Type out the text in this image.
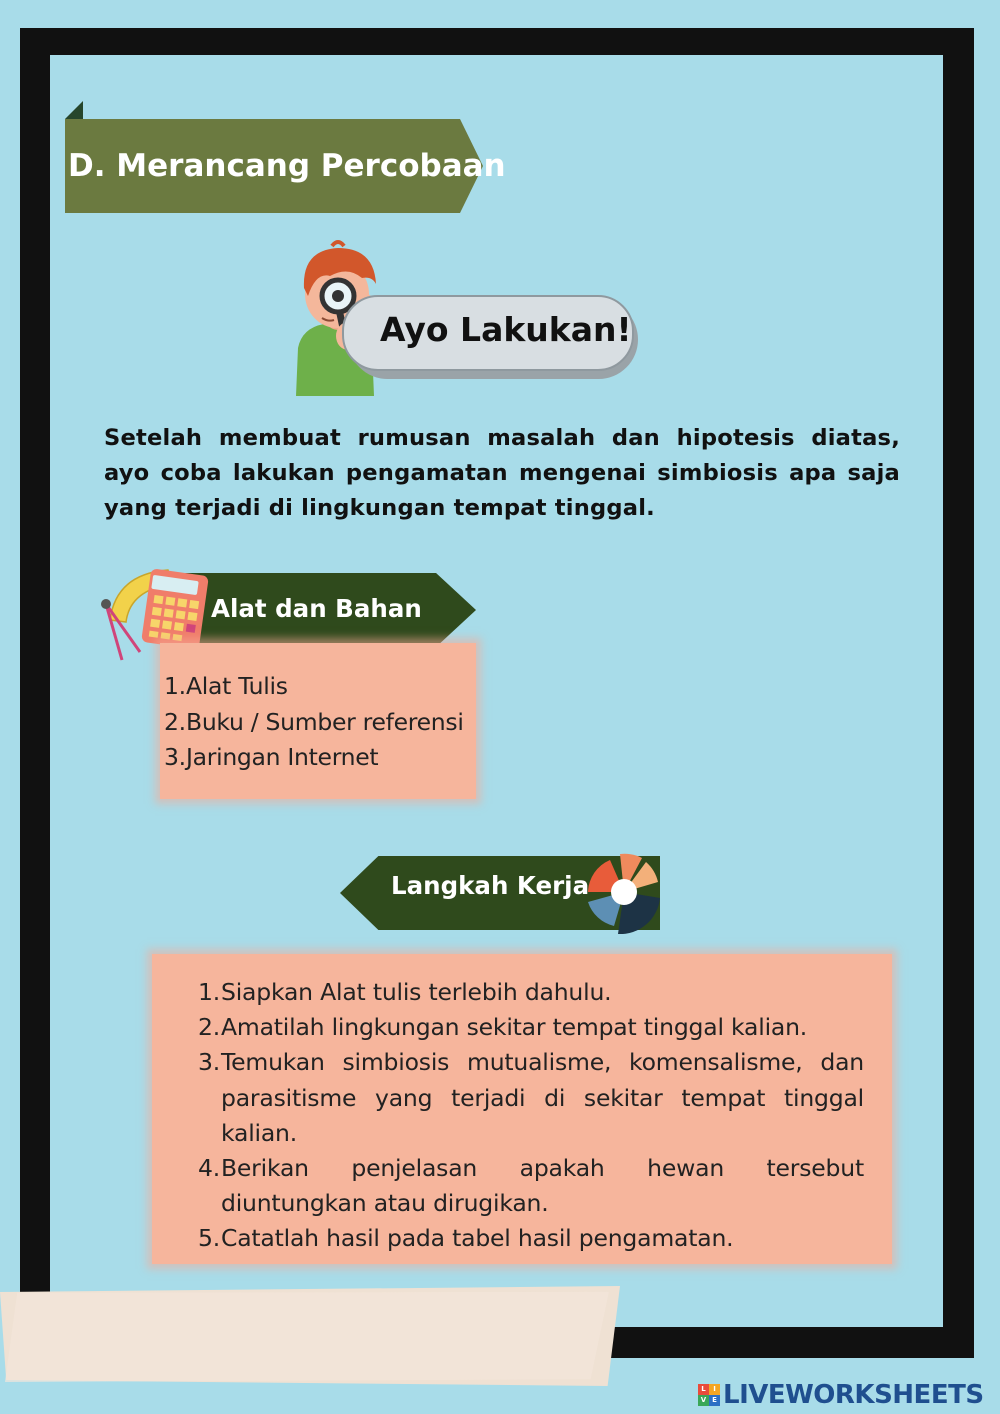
D. Merancang Percobaan
Ayo Lakukan!
Setelah membuat rumusan masalah dan hipotesis diatas, ayo coba lakukan pengamatan mengenai simbiosis apa saja yang terjadi di lingkungan tempat tinggal.
Alat dan Bahan
1. Alat Tulis
2. Buku / Sumber referensi
3. Jaringan Internet
Langkah Kerja
1. Siapkan Alat tulis terlebih dahulu.
2. Amatilah lingkungan sekitar tempat tinggal kalian.
3. Temukan simbiosis mutualisme, komensalisme, dan parasitisme yang terjadi di sekitar tempat tinggal kalian.
4. Berikan penjelasan apakah hewan tersebut diuntungkan atau dirugikan.
5. Catatlah hasil pada tabel hasil pengamatan.
L	I
V E LIVEWORKSHEETS
